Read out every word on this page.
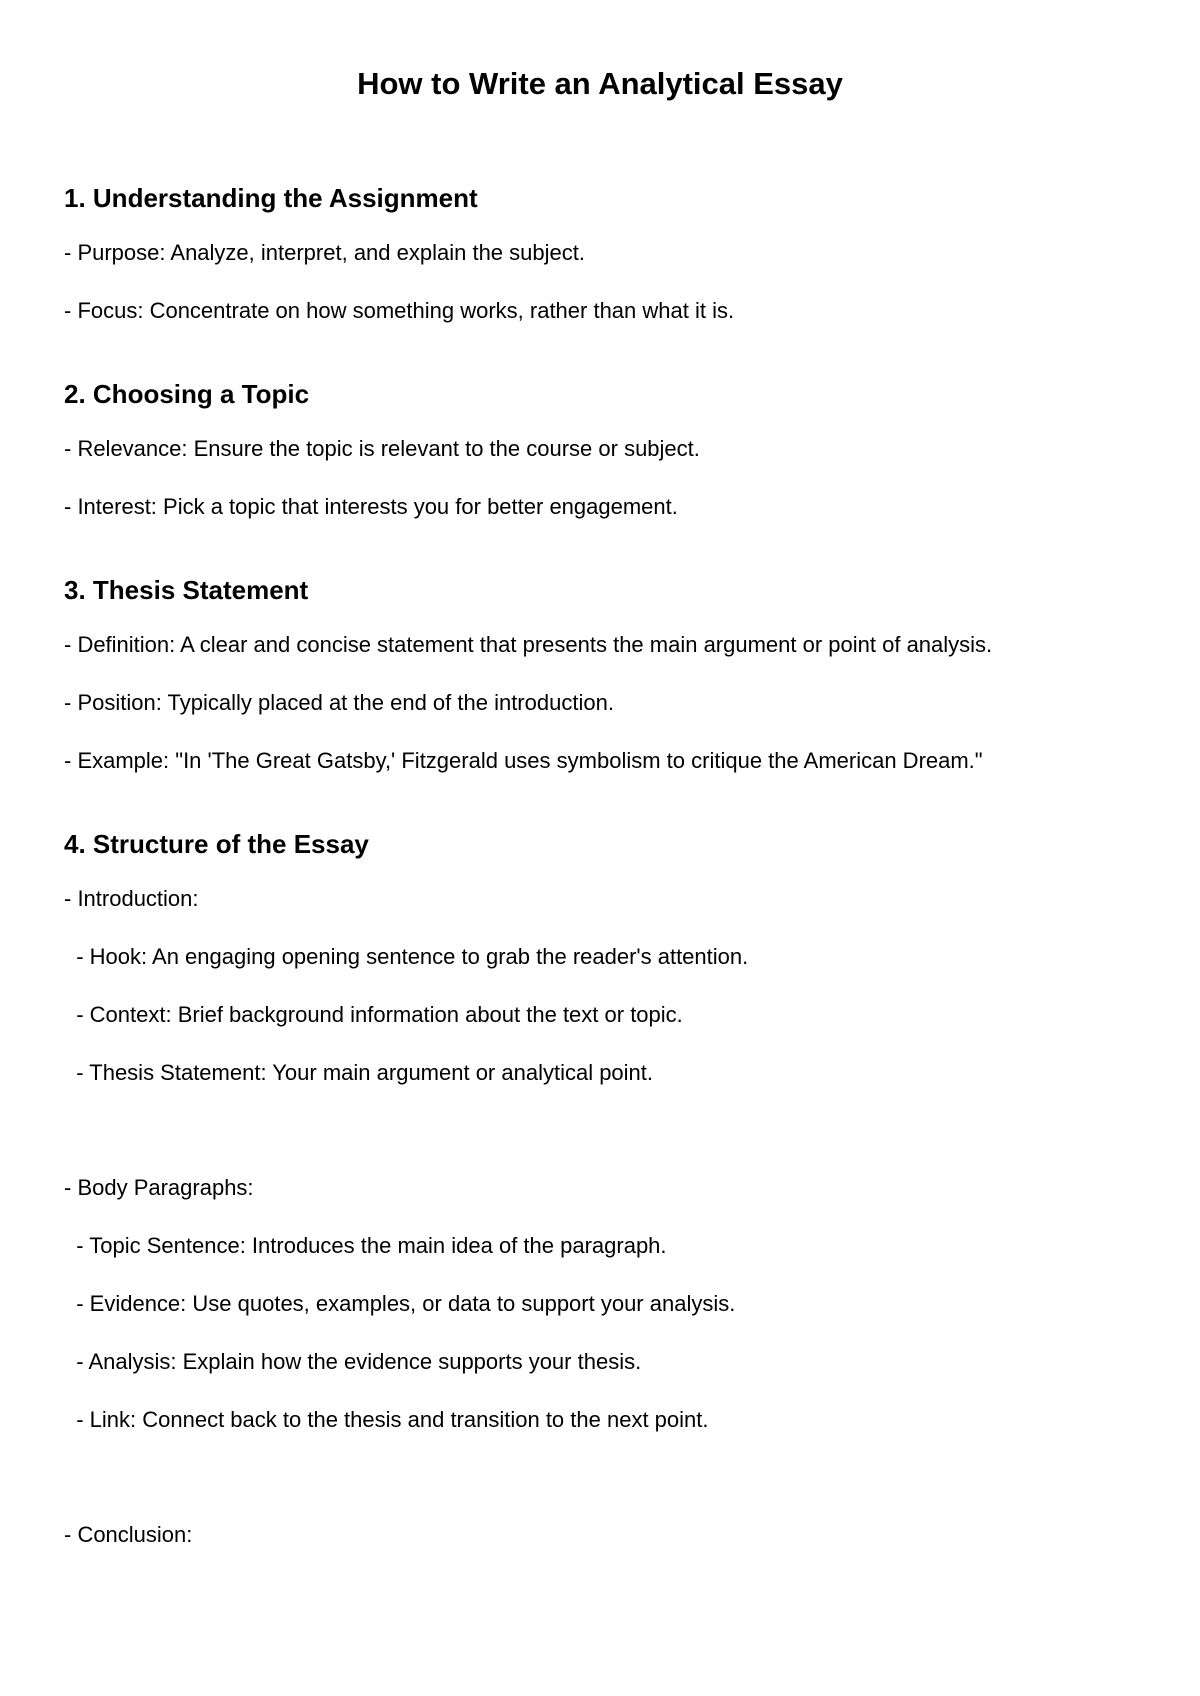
How to Write an Analytical Essay
1. Understanding the Assignment
- Purpose: Analyze, interpret, and explain the subject.
- Focus: Concentrate on how something works, rather than what it is.
2. Choosing a Topic
- Relevance: Ensure the topic is relevant to the course or subject.
- Interest: Pick a topic that interests you for better engagement.
3. Thesis Statement
- Definition: A clear and concise statement that presents the main argument or point of analysis.
- Position: Typically placed at the end of the introduction.
- Example: "In 'The Great Gatsby,' Fitzgerald uses symbolism to critique the American Dream."
4. Structure of the Essay
- Introduction:
- Hook: An engaging opening sentence to grab the reader's attention.
- Context: Brief background information about the text or topic.
- Thesis Statement: Your main argument or analytical point.
- Body Paragraphs:
- Topic Sentence: Introduces the main idea of the paragraph.
- Evidence: Use quotes, examples, or data to support your analysis.
- Analysis: Explain how the evidence supports your thesis.
- Link: Connect back to the thesis and transition to the next point.
- Conclusion:
